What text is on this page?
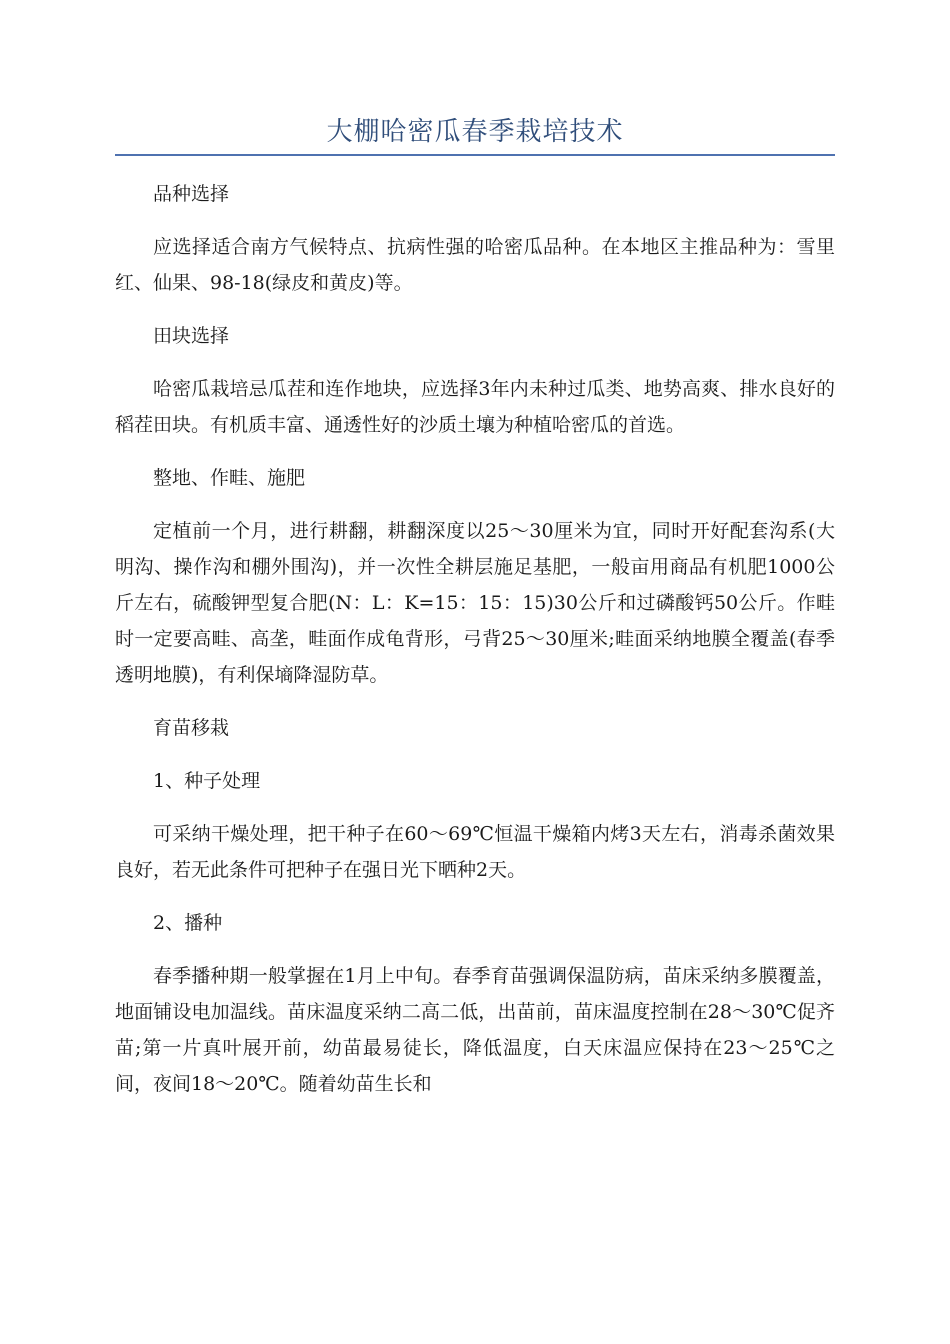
大棚哈密瓜春季栽培技术

品种选择

应选择适合南方气候特点、抗病性强的哈密瓜品种。在本地区主推品种为：雪里红、仙果、98-18(绿皮和黄皮)等。

田块选择

哈密瓜栽培忌瓜茬和连作地块，应选择3年内未种过瓜类、地势高爽、排水良好的稻茬田块。有机质丰富、通透性好的沙质土壤为种植哈密瓜的首选。

整地、作畦、施肥

定植前一个月，进行耕翻，耕翻深度以25～30厘米为宜，同时开好配套沟系(大明沟、操作沟和棚外围沟)，并一次性全耕层施足基肥，一般亩用商品有机肥1000公斤左右，硫酸钾型复合肥(N：L：K=15：15：15)30公斤和过磷酸钙50公斤。作畦时一定要高畦、高垄，畦面作成龟背形，弓背25～30厘米;畦面采纳地膜全覆盖(春季透明地膜)，有利保墒降湿防草。

育苗移栽

1、种子处理

可采纳干燥处理，把干种子在60～69℃恒温干燥箱内烤3天左右，消毒杀菌效果良好，若无此条件可把种子在强日光下晒种2天。

2、播种

春季播种期一般掌握在1月上中旬。春季育苗强调保温防病，苗床采纳多膜覆盖，地面铺设电加温线。苗床温度采纳二高二低，出苗前，苗床温度控制在28～30℃促齐苗;第一片真叶展开前，幼苗最易徒长，降低温度，白天床温应保持在23～25℃之间，夜间18～20℃。随着幼苗生长和
